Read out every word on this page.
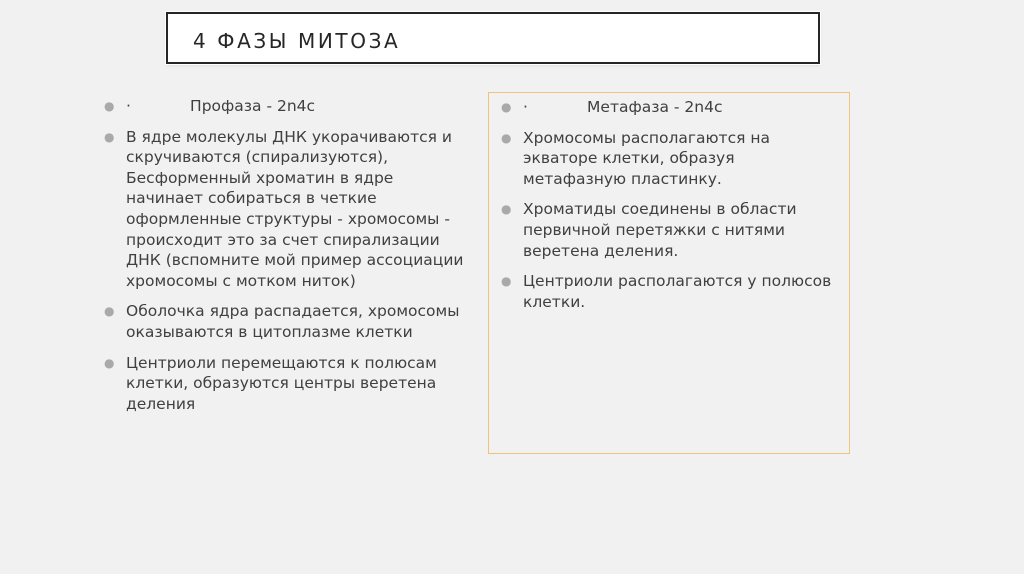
4 ФАЗЫ МИТОЗА
● ·            Профаза - 2n4c
● В ядре молекулы ДНК укорачиваются и скручиваются (спирализуются), Бесформенный хроматин в ядре начинает собираться в четкие оформленные структуры - хромосомы - происходит это за счет спирализации ДНК (вспомните мой пример ассоциации хромосомы с мотком ниток)
● Оболочка ядра распадается, хромосомы оказываются в цитоплазме клетки
● Центриоли перемещаются к полюсам клетки, образуются центры веретена деления
● ·            Метафаза - 2n4c
● Хромосомы располагаются на экваторе клетки, образуя метафазную пластинку.
● Хроматиды соединены в области первичной перетяжки с нитями веретена деления.
● Центриоли располагаются у полюсов клетки.
